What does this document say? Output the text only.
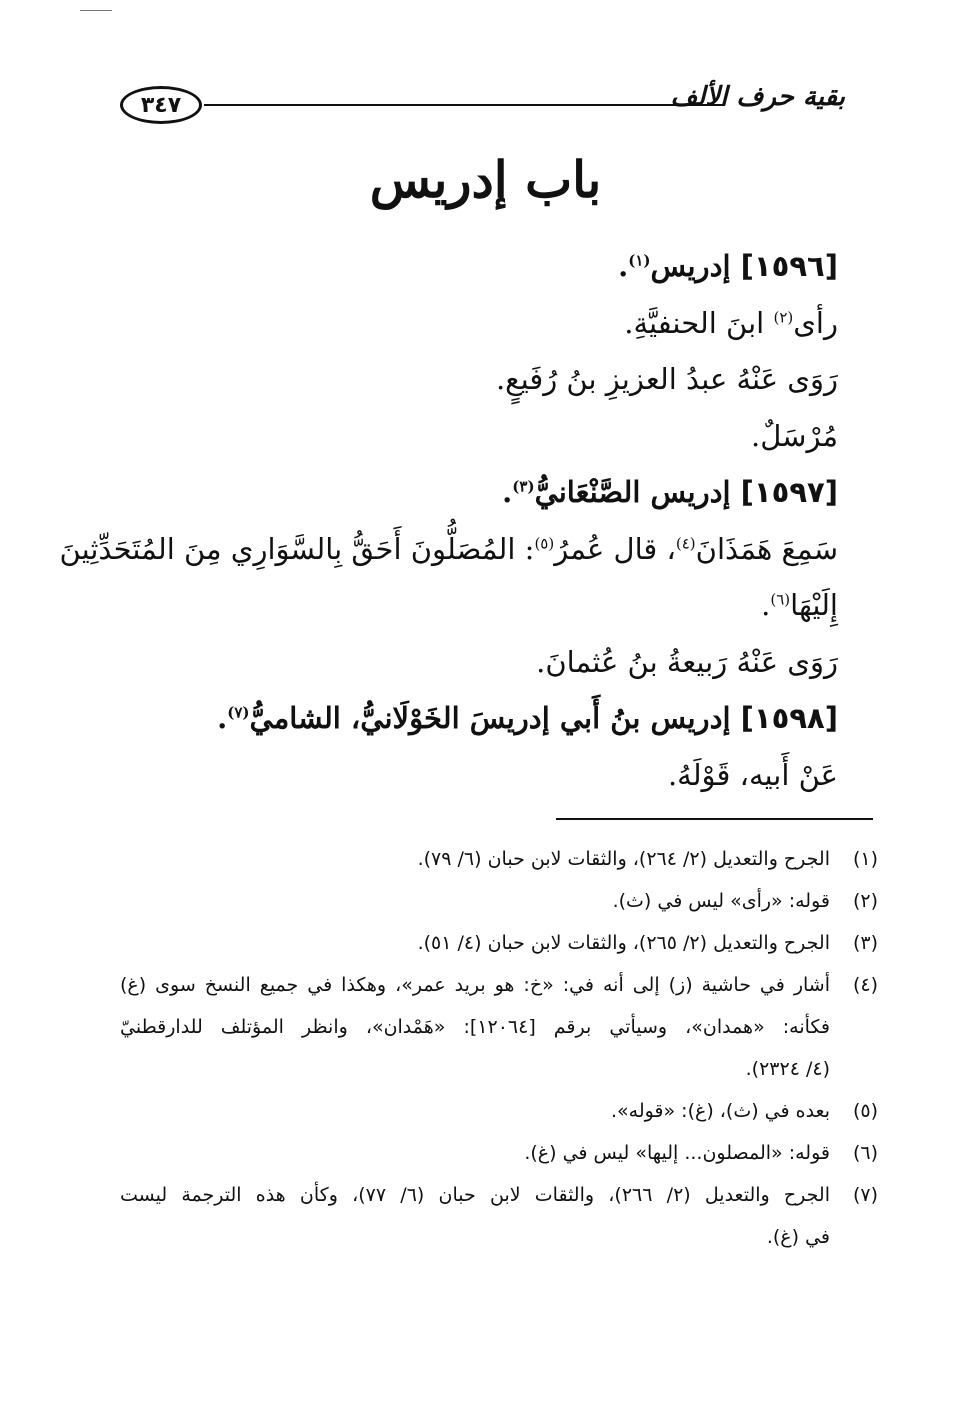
٣٤٧	بقية حرف الألف
باب إدريس
[١٥٩٦] إدريس$^{(١)}$.
رأى$^{(٢)}$ ابنَ الحنفيَّةِ.
رَوَى عَنْهُ عبدُ العزيزِ بنُ رُفَيعٍ.
مُرْسَلٌ.
[١٥٩٧] إدريس الصَّنْعَانيُّ$^{(٣)}$.
سَمِعَ هَمَذَانَ$^{(٤)}$، قال عُمرُ$^{(٥)}$: المُصَلُّونَ أَحَقُّ بِالسَّوَارِي مِنَ المُتَحَدِّثِينَ
إِلَيْهَا$^{(٦)}$.
رَوَى عَنْهُ رَبيعةُ بنُ عُثمانَ.
[١٥٩٨] إدريس بنُ أَبي إدريسَ الخَوْلَانيُّ، الشاميُّ$^{(٧)}$.
عَنْ أَبيه، قَوْلَهُ.
(١)
الجرح والتعديل (٢/ ٢٦٤)، والثقات لابن حبان (٦/ ٧٩).
(٢)
قوله: «رأى» ليس في (ث).
(٣)
الجرح والتعديل (٢/ ٢٦٥)، والثقات لابن حبان (٤/ ٥١).
(٤)
أشار في حاشية (ز) إلى أنه في: «خ: هو بريد عمر»، وهكذا في جميع النسخ سوى (غ)
فكأنه: «همدان»، وسيأتي برقم [١٢٠٦٤]: «هَمْدان»، وانظر المؤتلف للدارقطنيّ
(٤/ ٢٣٢٤).
(٥)
بعده في (ث)، (غ): «قوله».
(٦)
قوله: «المصلون... إليها» ليس في (غ).
(٧)
الجرح والتعديل (٢/ ٢٦٦)، والثقات لابن حبان (٦/ ٧٧)، وكأن هذه الترجمة ليست
في (غ).
